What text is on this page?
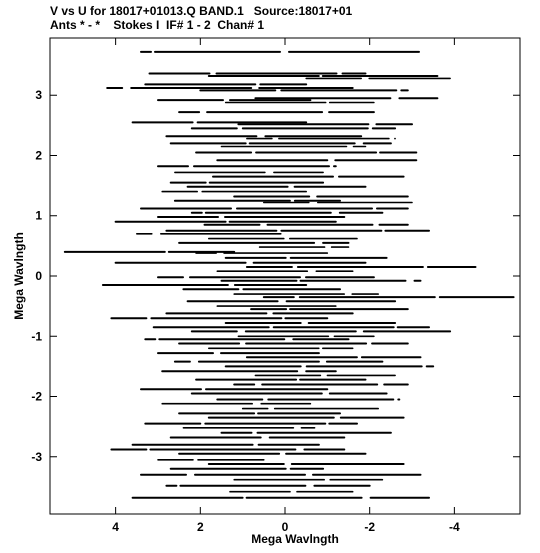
V vs U for 18017+01013.Q BAND.1   Source:18017+01
Ants * - *    Stokes I  IF# 1 - 2  Chan# 1
4	2	0	-2	-4
3
2
1
0
-1
-2
-3
Mega Wavlngth
Mega Wavlngth
